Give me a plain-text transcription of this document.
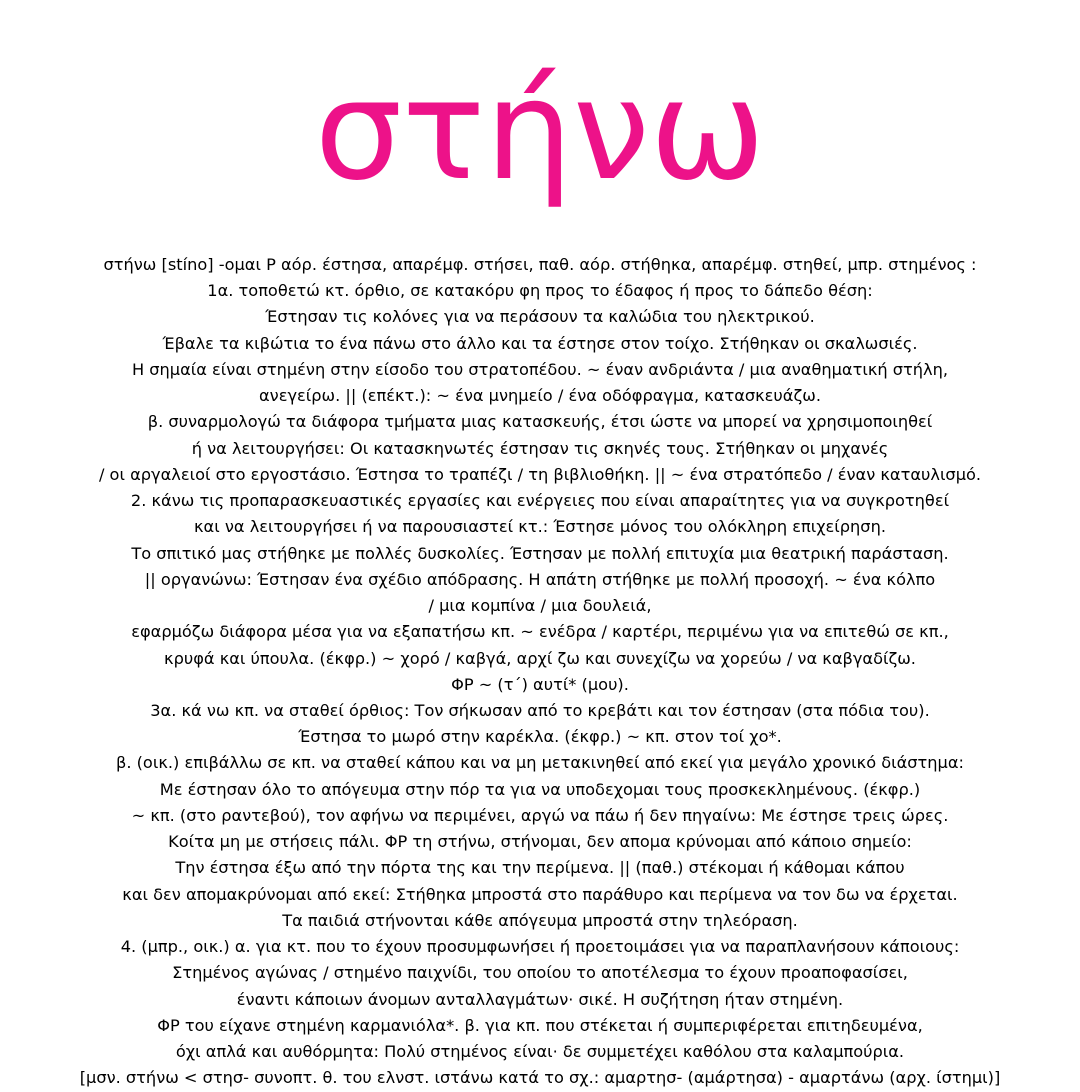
στήνω

στήνω [stíno] -ομαι Ρ αόρ. έστησα, απαρέμφ. στήσει, παθ. αόρ. στήθηκα, απαρέμφ. στηθεί, μπp. στημένος :

1α. τοποθετώ κτ. όρθιο, σε κατακόρυ φη προς το έδαφος ή προς το δάπεδο θέση:

Έστησαν τις κολόνες για να περάσουν τα καλώδια του ηλεκτρικού.

Έβαλε τα κιβώτια το ένα πάνω στο άλλο και τα έστησε στον τοίχο. Στήθηκαν οι σκαλωσιές.

Η σημαία είναι στημένη στην είσοδο του στρατοπέδου. ~ έναν ανδριάντα / μια αναθηματική στήλη,

ανεγείρω. || (επέκτ.): ~ ένα μνημείο / ένα οδόφραγμα, κατασκευάζω.

β. συναρμολογώ τα διάφορα τμήματα μιας κατασκευής, έτσι ώστε να μπορεί να χρησιμοποιηθεί

ή να λειτουργήσει: Οι κατασκηνωτές έστησαν τις σκηνές τους. Στήθηκαν οι μηχανές

/ οι αργαλειοί στο εργοστάσιο. Έστησα το τραπέζι / τη βιβλιοθήκη. || ~ ένα στρατόπεδο / έναν καταυλισμό.

2. κάνω τις προπαρασκευαστικές εργασίες και ενέργειες που είναι απαραίτητες για να συγκροτηθεί

και να λειτουργήσει ή να παρουσιαστεί κτ.: Έστησε μόνος του ολόκληρη επιχείρηση.

Το σπιτικό μας στήθηκε με πολλές δυσκολίες. Έστησαν με πολλή επιτυχία μια θεατρική παράσταση.

|| οργανώνω: Έστησαν ένα σχέδιο απόδρασης. Η απάτη στήθηκε με πολλή προσοχή. ~ ένα κόλπο

/ μια κομπίνα / μια δουλειά,

εφαρμόζω διάφορα μέσα για να εξαπατήσω κπ. ~ ενέδρα / καρτέρι, περιμένω για να επιτεθώ σε κπ.,

κρυφά και ύπουλα. (έκφρ.) ~ χορό / καβγά, αρχί ζω και συνεχίζω να χορεύω / να καβγαδίζω.

ΦΡ ~ (τ΄) αυτί* (μου).

3α. κά νω κπ. να σταθεί όρθιος: Τον σήκωσαν από το κρεβάτι και τον έστησαν (στα πόδια του).

Έστησα το μωρό στην καρέκλα. (έκφρ.) ~ κπ. στον τοί χο*.

β. (οικ.) επιβάλλω σε κπ. να σταθεί κάπου και να μη μετακινηθεί από εκεί για μεγάλο χρονικό διάστημα:

Με έστησαν όλο το απόγευμα στην πόρ τα για να υποδεχομαι τους προσκεκλημένους. (έκφρ.)

~ κπ. (στο ραντεβού), τον αφήνω να περιμένει, αργώ να πάω ή δεν πηγαίνω: Με έστησε τρεις ώρες.

Κοίτα μη με στήσεις πάλι. ΦΡ τη στήνω, στήνομαι, δεν απομα κρύνομαι από κάποιο σημείο:

Την έστησα έξω από την πόρτα της και την περίμενα. || (παθ.) στέκομαι ή κάθομαι κάπου

και δεν απομακρύνομαι από εκεί: Στήθηκα μπροστά στο παράθυρο και περίμενα να τον δω να έρχεται.

Τα παιδιά στήνονται κάθε απόγευμα μπροστά στην τηλεόραση.

4. (μπp., οικ.) α. για κτ. που το έχουν προσυμφωνήσει ή προετοιμάσει για να παραπλανήσουν κάποιους:

Στημένος αγώνας / στημένο παιχνίδι, του οποίου το αποτέλεσμα το έχουν προαποφασίσει,

έναντι κάποιων άνομων ανταλλαγμάτων· σικέ. Η συζήτηση ήταν στημένη.

ΦΡ του είχανε στημένη καρμανιόλα*. β. για κπ. που στέκεται ή συμπεριφέρεται επιτηδευμένα,

όχι απλά και αυθόρμητα: Πολύ στημένος είναι· δε συμμετέχει καθόλου στα καλαμπούρια.

[μσν. στήνω < στησ- συνοπτ. θ. του ελνστ. ιστάνω κατά το σχ.: αμαρτησ- (αμάρτησα) - αμαρτάνω (αρχ. ίστημι)]
